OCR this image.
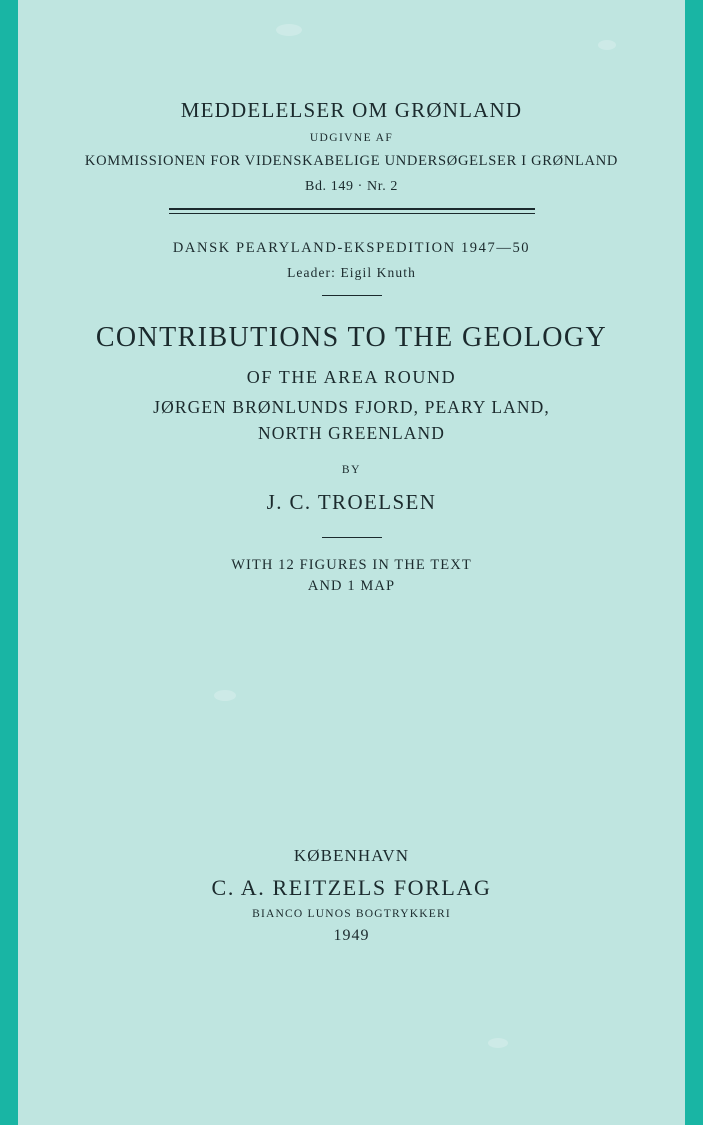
MEDDELELSER OM GRØNLAND
UDGIVNE AF
KOMMISSIONEN FOR VIDENSKABELIGE UNDERSØGELSER I GRØNLAND
Bd. 149 · Nr. 2
DANSK PEARYLAND-EKSPEDITION 1947—50
Leader: Eigil Knuth
CONTRIBUTIONS TO THE GEOLOGY
OF THE AREA ROUND
JØRGEN BRØNLUNDS FJORD, PEARY LAND,
NORTH GREENLAND
BY
J. C. TROELSEN
WITH 12 FIGURES IN THE TEXT
AND 1 MAP
KØBENHAVN
C. A. REITZELS FORLAG
BIANCO LUNOS BOGTRYKKERI
1949
